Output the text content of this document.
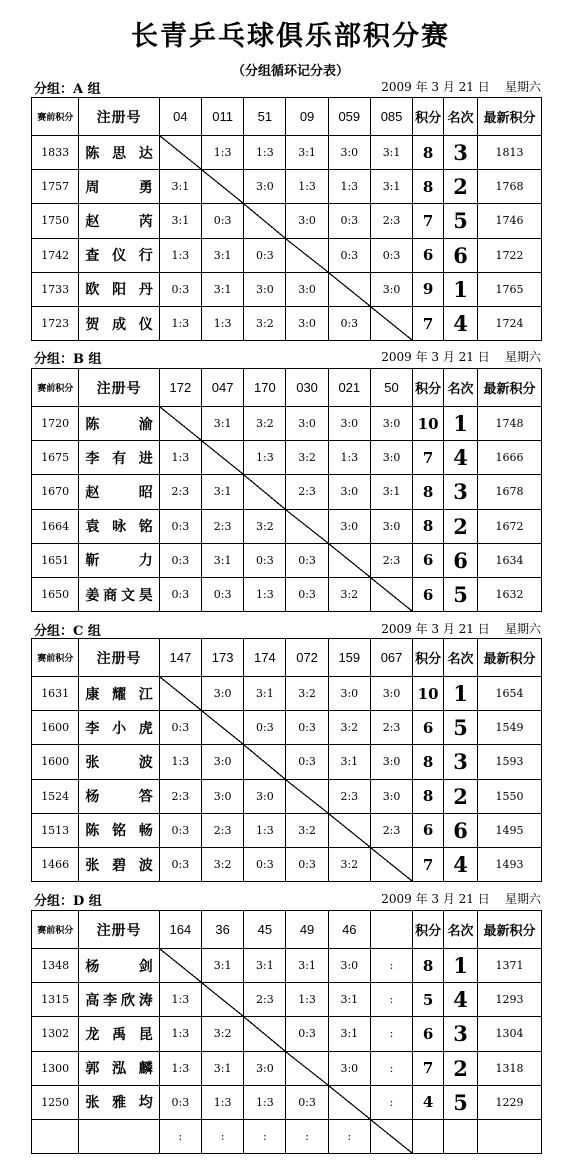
长青乒乓球俱乐部积分赛
（分组循环记分表）
分组：A 组	2009 年 3 月 21 日    星期六
赛前积分	注册号	04	011	51	09	059	085	积分	名次	最新积分
1833	陈思达		1:3	1:3	3:1	3:0	3:1	8	3	1813
1757	周勇	3:1		3:0	1:3	1:3	3:1	8	2	1768
1750	赵芮	3:1	0:3		3:0	0:3	2:3	7	5	1746
1742	查仪行	1:3	3:1	0:3		0:3	0:3	6	6	1722
1733	欧阳丹	0:3	3:1	3:0	3:0		3:0	9	1	1765
1723	贺成仪	1:3	1:3	3:2	3:0	0:3		7	4	1724
分组：B 组	2009 年 3 月 21 日    星期六
赛前积分	注册号	172	047	170	030	021	50	积分	名次	最新积分
1720	陈渝		3:1	3:2	3:0	3:0	3:0	10	1	1748
1675	李有进	1:3		1:3	3:2	1:3	3:0	7	4	1666
1670	赵昭	2:3	3:1		2:3	3:0	3:1	8	3	1678
1664	袁咏铭	0:3	2:3	3:2		3:0	3:0	8	2	1672
1651	靳力	0:3	3:1	0:3	0:3		2:3	6	6	1634
1650	姜商文昊	0:3	0:3	1:3	0:3	3:2		6	5	1632
分组：C 组	2009 年 3 月 21 日    星期六
赛前积分	注册号	147	173	174	072	159	067	积分	名次	最新积分
1631	康耀江		3:0	3:1	3:2	3:0	3:0	10	1	1654
1600	李小虎	0:3		0:3	0:3	3:2	2:3	6	5	1549
1600	张波	1:3	3:0		0:3	3:1	3:0	8	3	1593
1524	杨答	2:3	3:0	3:0		2:3	3:0	8	2	1550
1513	陈铭畅	0:3	2:3	1:3	3:2		2:3	6	6	1495
1466	张碧波	0:3	3:2	0:3	0:3	3:2		7	4	1493
分组：D 组	2009 年 3 月 21 日    星期六
赛前积分	注册号	164	36	45	49	46		积分	名次	最新积分
1348	杨剑		3:1	3:1	3:1	3:0	:	8	1	1371
1315	高李欣涛	1:3		2:3	1:3	3:1	:	5	4	1293
1302	龙禹昆	1:3	3:2		0:3	3:1	:	6	3	1304
1300	郭泓麟	1:3	3:1	3:0		3:0	:	7	2	1318
1250	张雅均	0:3	1:3	1:3	0:3		:	4	5	1229
		:	:	:	:	:				
